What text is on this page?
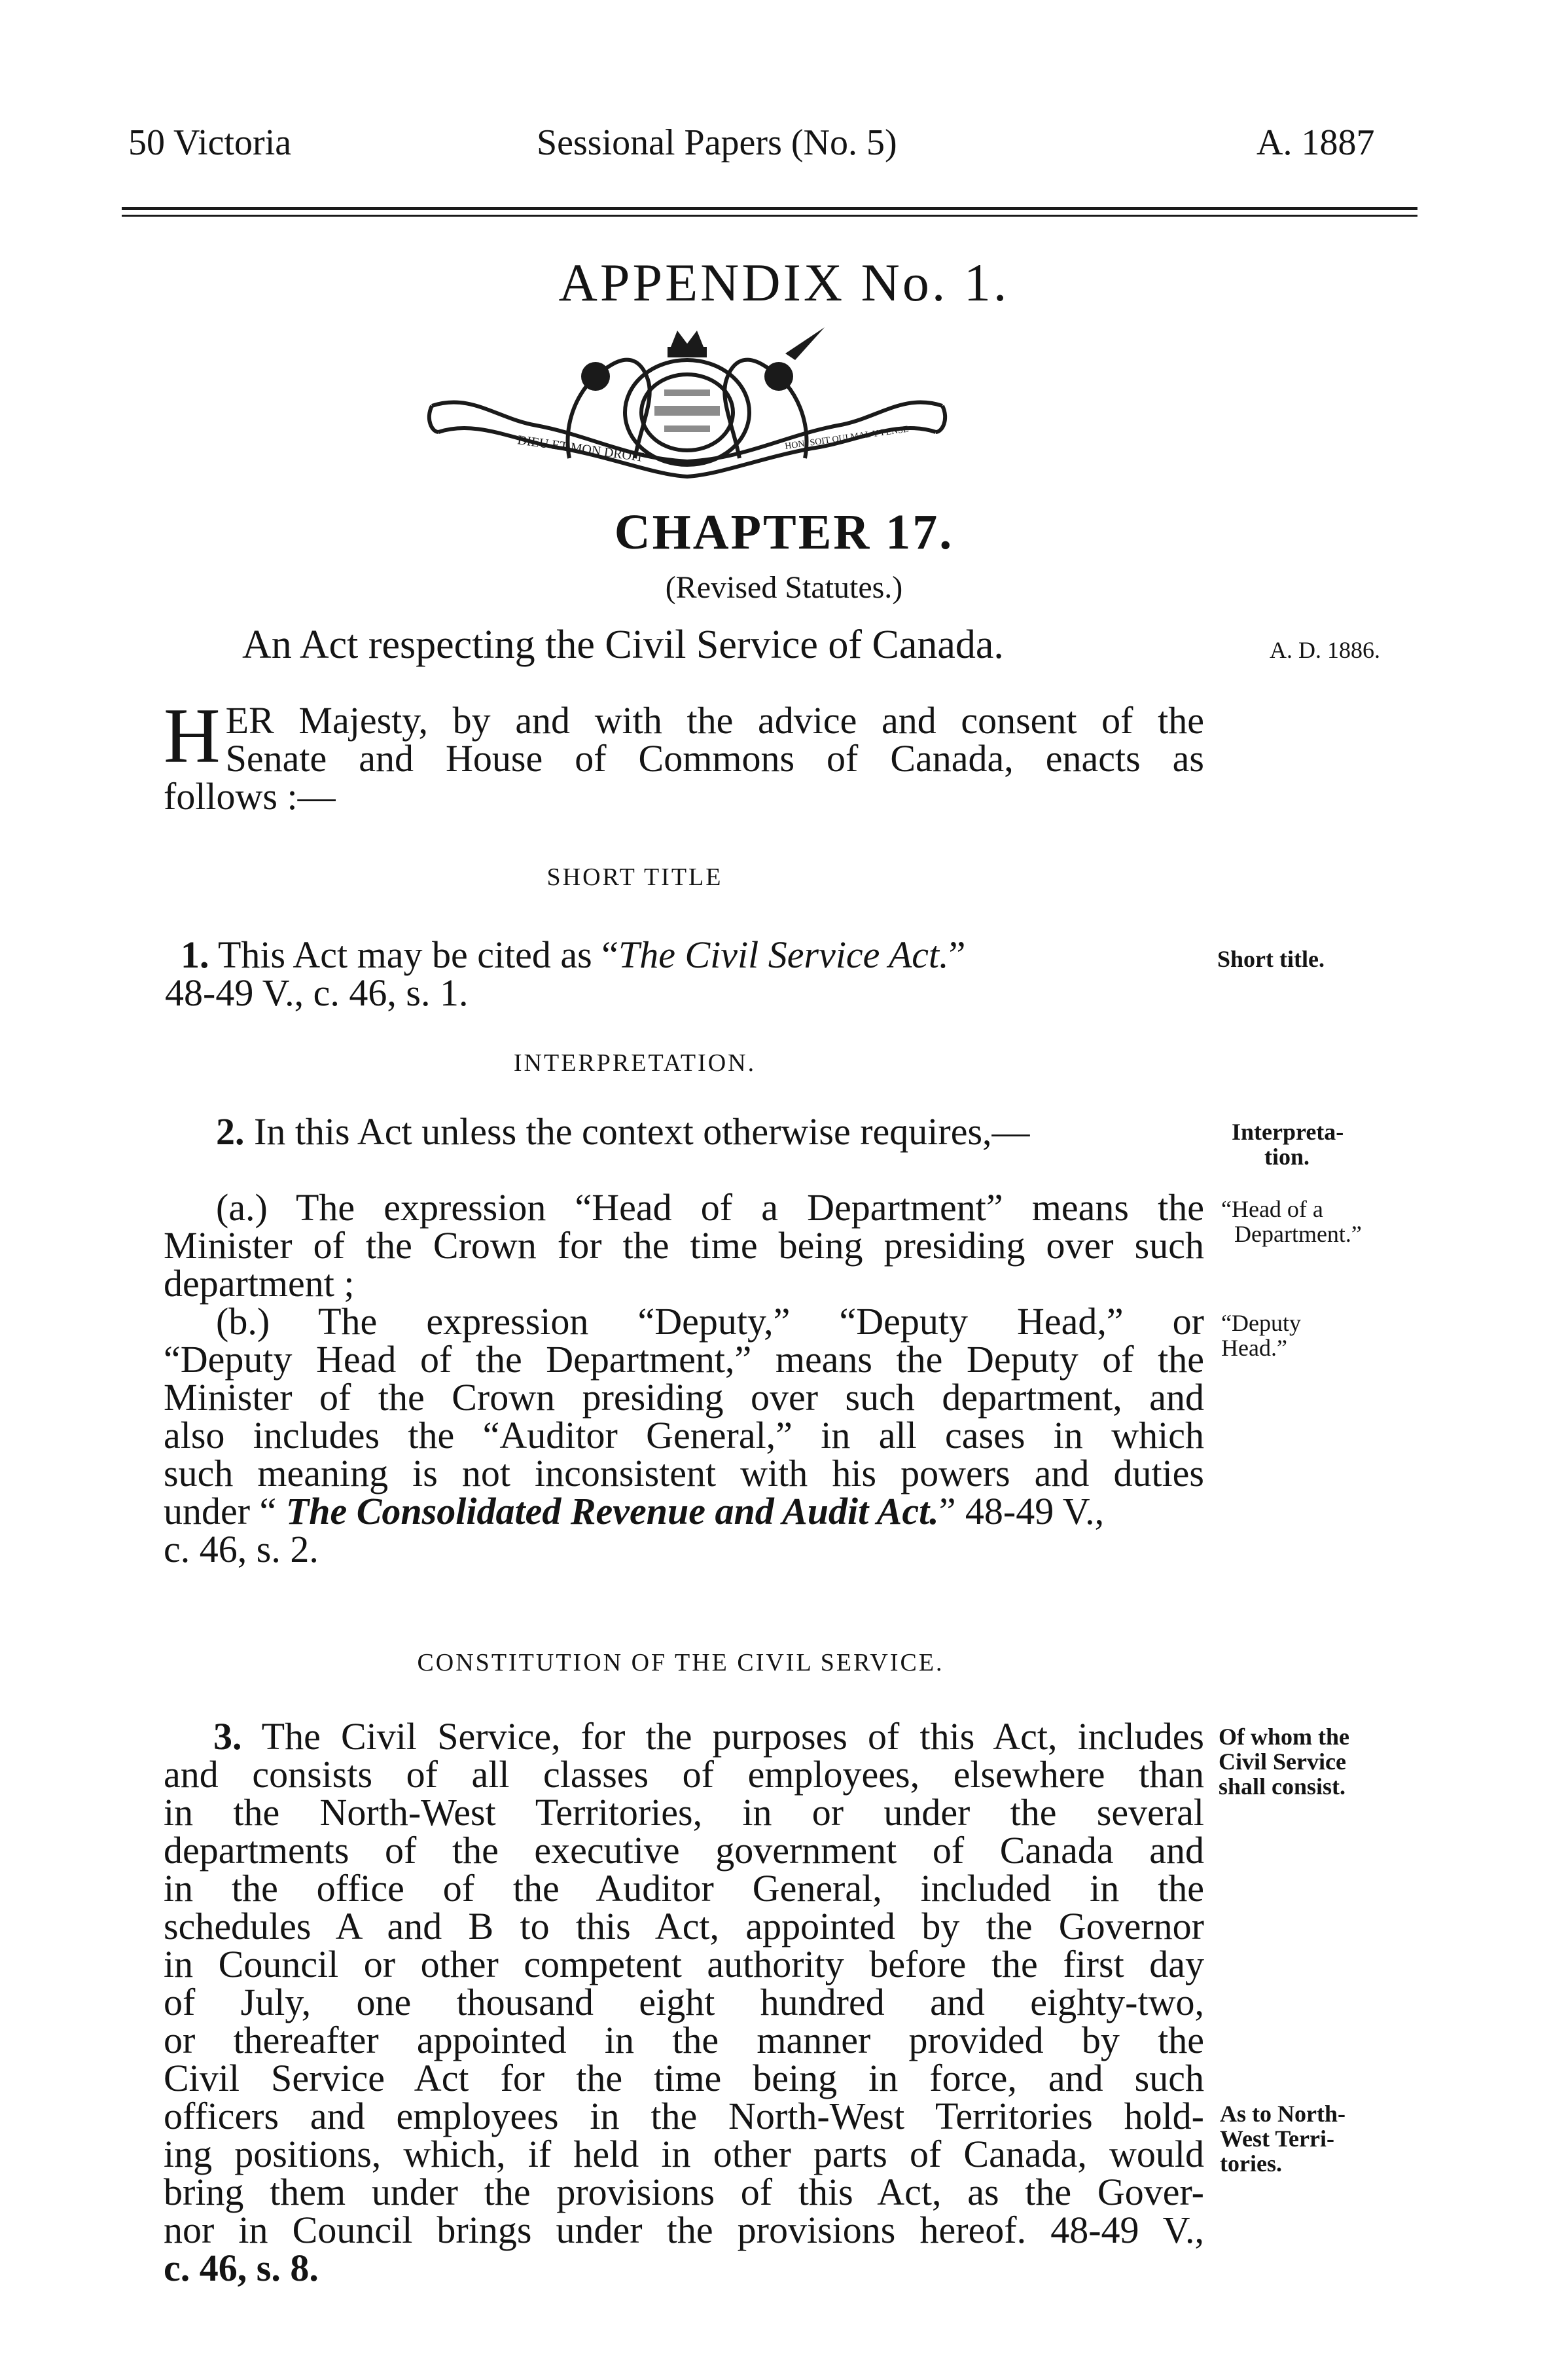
50 Victoria	Sessional Papers (No. 5)	A. 1887
APPENDIX No. 1.
DIEU ET MON DROIT	HONI SOIT QUI MAL Y PENSE
CHAPTER 17.
(Revised Statutes.)
An Act respecting the Civil Service of Canada.	A. D. 1886.
H ER Majesty, by and with the advice and consent of the
Senate and House of Commons of Canada, enacts as
follows :—
SHORT TITLE
1. This Act may be cited as “The Civil Service Act.”
48-49 V., c. 46, s. 1.
Short title.
INTERPRETATION.
2. In this Act unless the context otherwise requires,—	Interpreta-
tion.
(a.) The expression “Head of a Department” means the
Minister of the Crown for the time being presiding over such
department ;
“Head of a
Department.”
(b.) The expression “Deputy,” “Deputy Head,” or
“Deputy Head of the Department,” means the Deputy of the
Minister of the Crown presiding over such department, and
also includes the “Auditor General,” in all cases in which
such meaning is not inconsistent with his powers and duties
under “ The Consolidated Revenue and Audit Act.” 48-49 V.,
c. 46, s. 2.
“Deputy
Head.”
CONSTITUTION OF THE CIVIL SERVICE.
3. The Civil Service, for the purposes of this Act, includes
and consists of all classes of employees, elsewhere than
in the North-West Territories, in or under the several
departments of the executive government of Canada and
in the office of the Auditor General, included in the
schedules A and B to this Act, appointed by the Governor
in Council or other competent authority before the first day
of July, one thousand eight hundred and eighty-two,
or thereafter appointed in the manner provided by the
Civil Service Act for the time being in force, and such
officers and employees in the North-West Territories hold-
ing positions, which, if held in other parts of Canada, would
bring them under the provisions of this Act, as the Gover-
nor in Council brings under the provisions hereof. 48-49 V.,
c. 46, s. 8.
Of whom the
Civil Service
shall consist.
As to North-
West Terri-
tories.
